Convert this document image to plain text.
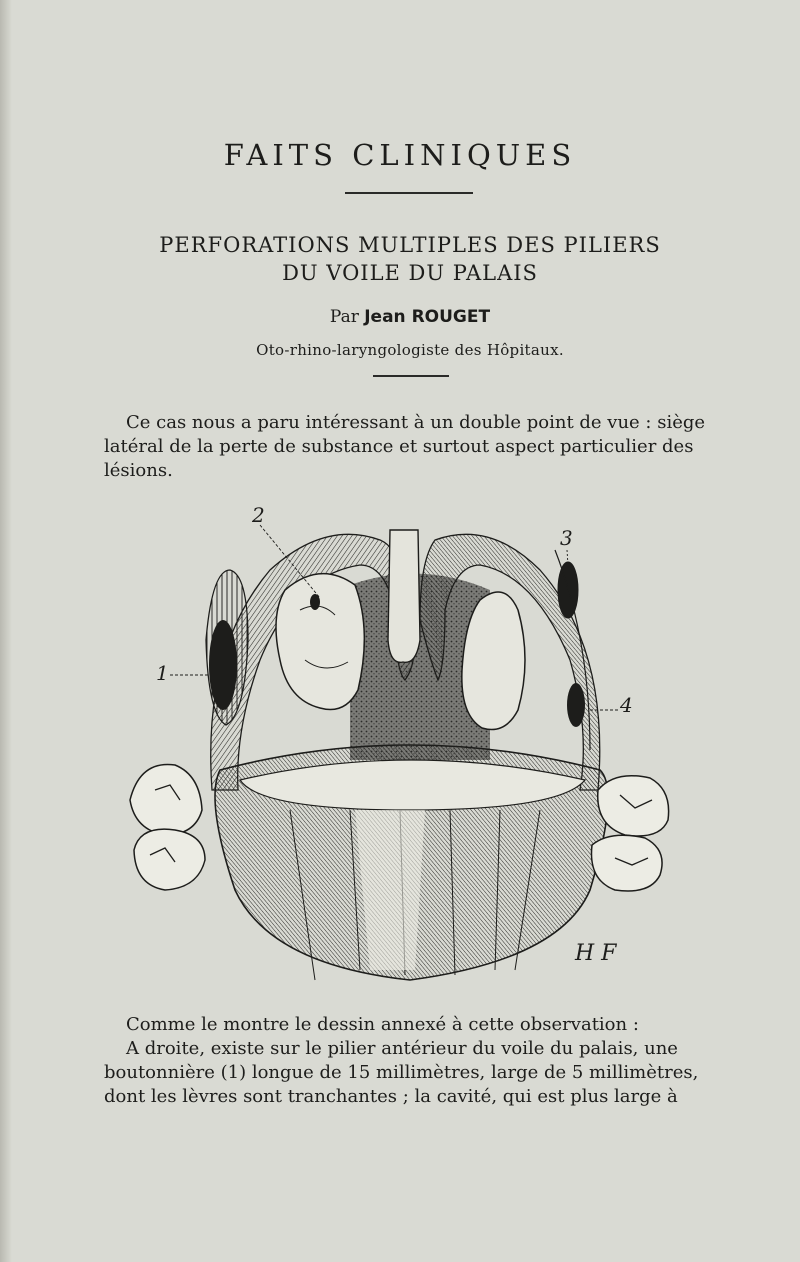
FAITS CLINIQUES
PERFORATIONS MULTIPLES DES PILIERS
DU VOILE DU PALAIS
Par Jean ROUGET
Oto-rhino-laryngologiste des Hôpitaux.
Ce cas nous a paru intéressant à un double point de vue : siège
latéral de la perte de substance et surtout aspect particulier des
lésions.
2
1
3
4
H F
Comme le montre le dessin annexé à cette observation :
A droite, existe sur le pilier antérieur du voile du palais, une
boutonnière (1) longue de 15 millimètres, large de 5 millimètres,
dont les lèvres sont tranchantes ; la cavité, qui est plus large à
